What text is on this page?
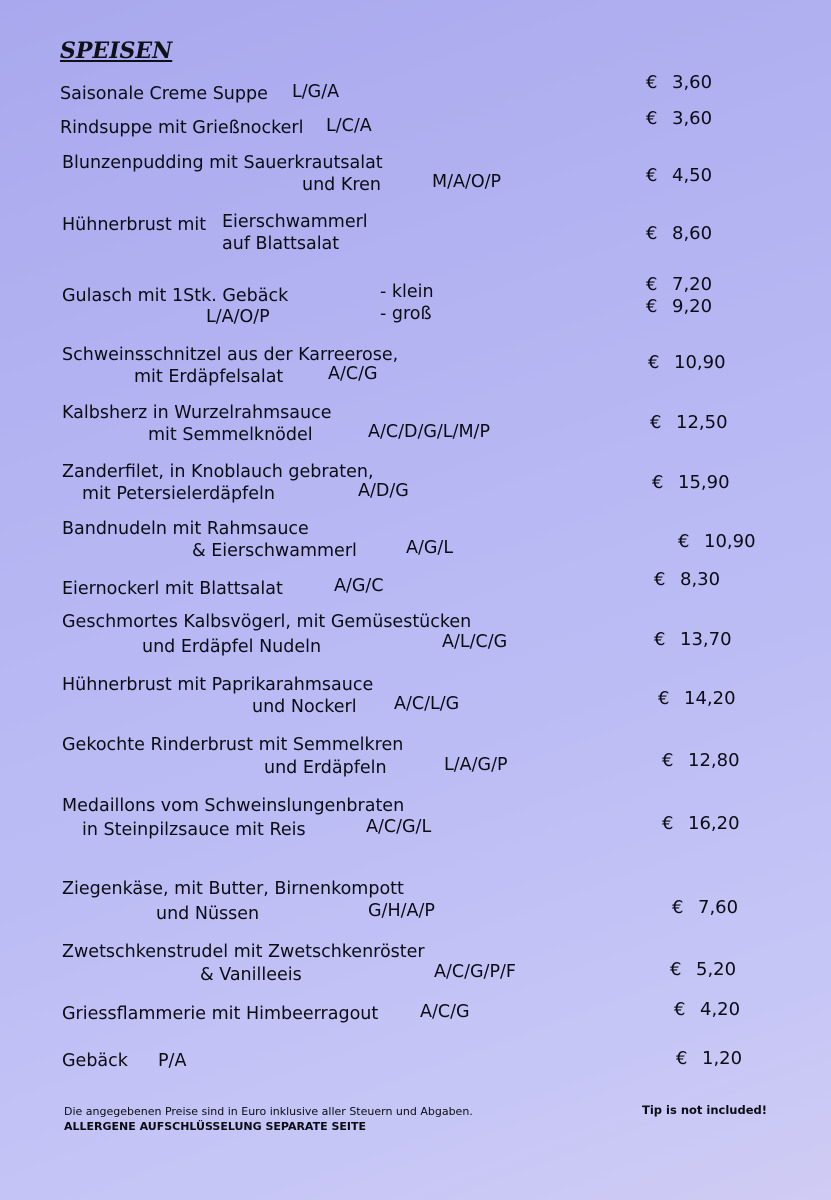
SPEISEN
Saisonale Creme Suppe L/G/A	€ 3,60
Rindsuppe mit Grießnockerl L/C/A	€ 3,60
Blunzenpudding mit Sauerkrautsalat
und Kren	M/A/O/P	€ 4,50
Hühnerbrust mit Eierschwammerl
auf Blattsalat	€ 8,60
Gulasch mit 1Stk. Gebäck	- klein
L/A/O/P	- groß
€ 7,20
€ 9,20
Schweinsschnitzel aus der Karreerose,
mit Erdäpfelsalat	A/C/G
€ 10,90
Kalbsherz in Wurzelrahmsauce
mit Semmelknödel	A/C/D/G/L/M/P	€ 12,50
Zanderfilet, in Knoblauch gebraten,
mit Petersielerdäpfeln	A/D/G	€ 15,90
Bandnudeln mit Rahmsauce
& Eierschwammerl	A/G/L	€ 10,90
Eiernockerl mit Blattsalat	A/G/C	€ 8,30
Geschmortes Kalbsvögerl, mit Gemüsestücken
und Erdäpfel Nudeln	A/L/C/G	€ 13,70
Hühnerbrust mit Paprikarahmsauce
und Nockerl A/C/L/G	€ 14,20
Gekochte Rinderbrust mit Semmelkren
und Erdäpfeln	L/A/G/P	€ 12,80
Medaillons vom Schweinslungenbraten
in Steinpilzsauce mit Reis	A/C/G/L	€ 16,20
Ziegenkäse, mit Butter, Birnenkompott
und Nüssen	G/H/A/P	€ 7,60
Zwetschkenstrudel mit Zwetschkenröster
& Vanilleeis	A/C/G/P/F	€ 5,20
Griessflammerie mit Himbeerragout A/C/G	€ 4,20
Gebäck P/A	€ 1,20
Die angegebenen Preise sind in Euro inklusive aller Steuern und Abgaben.
ALLERGENE AUFSCHLÜSSELUNG SEPARATE SEITE
Tip is not included!
